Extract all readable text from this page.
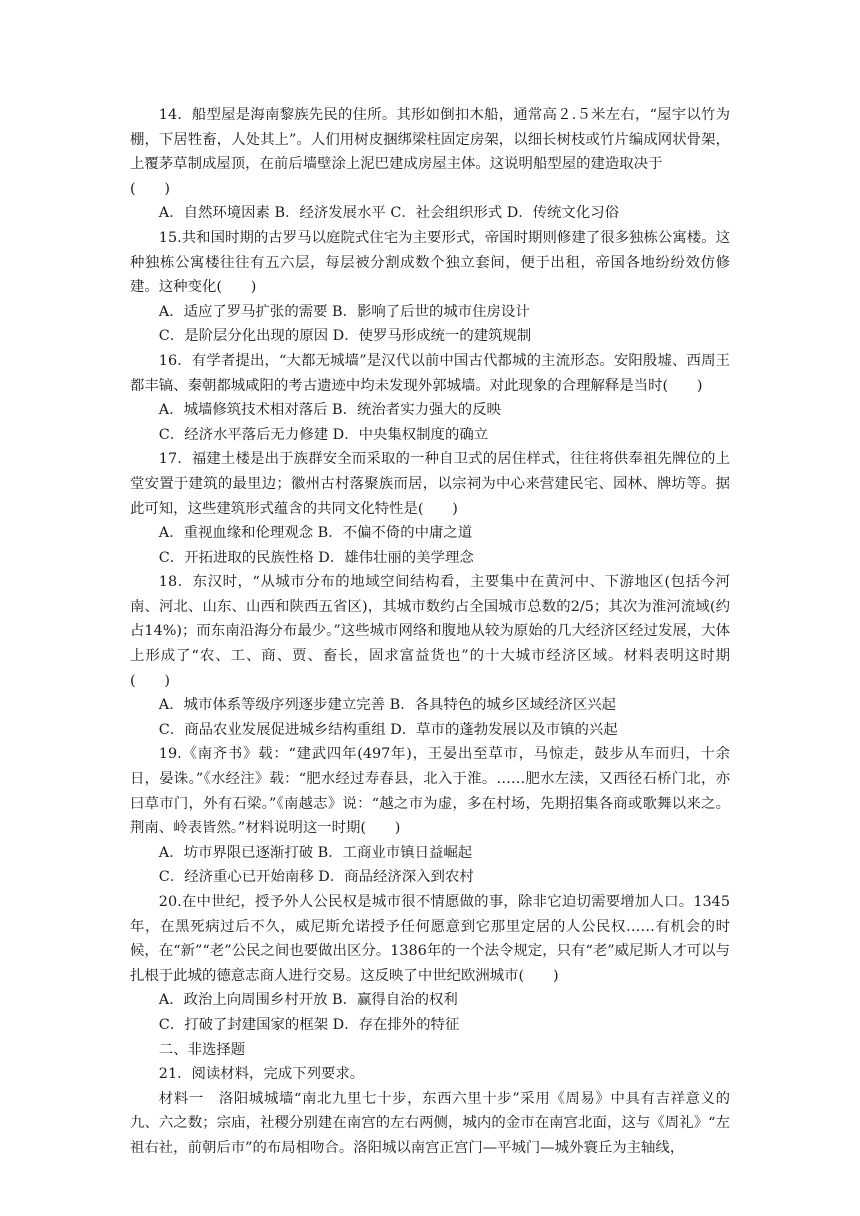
14．船型屋是海南黎族先民的住所。其形如倒扣木船，通常高２.５米左右，“屋宇以竹为棚，下居牲畜，人处其上”。人们用树皮捆绑梁柱固定房架，以细长树枝或竹片编成网状骨架，上覆茅草制成屋顶，在前后墙壁涂上泥巴建成房屋主体。这说明船型屋的建造取决于

(　　)

A．自然环境因素 B．经济发展水平 C．社会组织形式 D．传统文化习俗

15.共和国时期的古罗马以庭院式住宅为主要形式，帝国时期则修建了很多独栋公寓楼。这种独栋公寓楼往往有五六层，每层被分割成数个独立套间，便于出租，帝国各地纷纷效仿修建。这种变化(　　)

A．适应了罗马扩张的需要 B．影响了后世的城市住房设计

C．是阶层分化出现的原因 D．使罗马形成统一的建筑规制

16．有学者提出，“大都无城墙”是汉代以前中国古代都城的主流形态。安阳殷墟、西周王都丰镐、秦朝都城咸阳的考古遗迹中均未发现外郭城墙。对此现象的合理解释是当时(　　)

A．城墙修筑技术相对落后 B．统治者实力强大的反映

C．经济水平落后无力修建 D．中央集权制度的确立

17．福建土楼是出于族群安全而采取的一种自卫式的居住样式，往往将供奉祖先牌位的上堂安置于建筑的最里边；徽州古村落聚族而居，以宗祠为中心来营建民宅、园林、牌坊等。据此可知，这些建筑形式蕴含的共同文化特性是(　　)

A．重视血缘和伦理观念 B．不偏不倚的中庸之道

C．开拓进取的民族性格 D．雄伟壮丽的美学理念

18．东汉时，“从城市分布的地域空间结构看，主要集中在黄河中、下游地区(包括今河南、河北、山东、山西和陕西五省区)，其城市数约占全国城市总数的2/5；其次为淮河流域(约占14%)；而东南沿海分布最少。”这些城市网络和腹地从较为原始的几大经济区经过发展，大体上形成了“农、工、商、贾、畜长，固求富益货也”的十大城市经济区域。材料表明这时期(　　)

A．城市体系等级序列逐步建立完善 B．各具特色的城乡区域经济区兴起

C．商品农业发展促进城乡结构重组 D．草市的蓬勃发展以及市镇的兴起

19.《南齐书》载：“建武四年(497年)，王晏出至草市，马惊走，鼓步从车而归，十余日，晏诛。”《水经注》载：“肥水经过寿春县，北入于淮。……肥水左渎，又西径石桥门北，亦曰草市门，外有石梁。”《南越志》说：“越之市为虚，多在村场，先期招集各商或歌舞以来之。荆南、岭表皆然。”材料说明这一时期(　　)

A．坊市界限已逐渐打破 B．工商业市镇日益崛起

C．经济重心已开始南移 D．商品经济深入到农村

20.在中世纪，授予外人公民权是城市很不情愿做的事，除非它迫切需要增加人口。1345年，在黑死病过后不久，威尼斯允诺授予任何愿意到它那里定居的人公民权……有机会的时候，在“新”“老”公民之间也要做出区分。1386年的一个法令规定，只有“老”威尼斯人才可以与扎根于此城的德意志商人进行交易。这反映了中世纪欧洲城市(　　)

A．政治上向周围乡村开放 B．赢得自治的权利

C．打破了封建国家的框架 D．存在排外的特征

二、非选择题

21．阅读材料，完成下列要求。

材料一　洛阳城城墙“南北九里七十步，东西六里十步”采用《周易》中具有吉祥意义的九、六之数；宗庙，社稷分别建在南宫的左右两侧，城内的金市在南宫北面，这与《周礼》“左祖右社，前朝后市”的布局相吻合。洛阳城以南宫正宫门—平城门—城外寰丘为主轴线，
